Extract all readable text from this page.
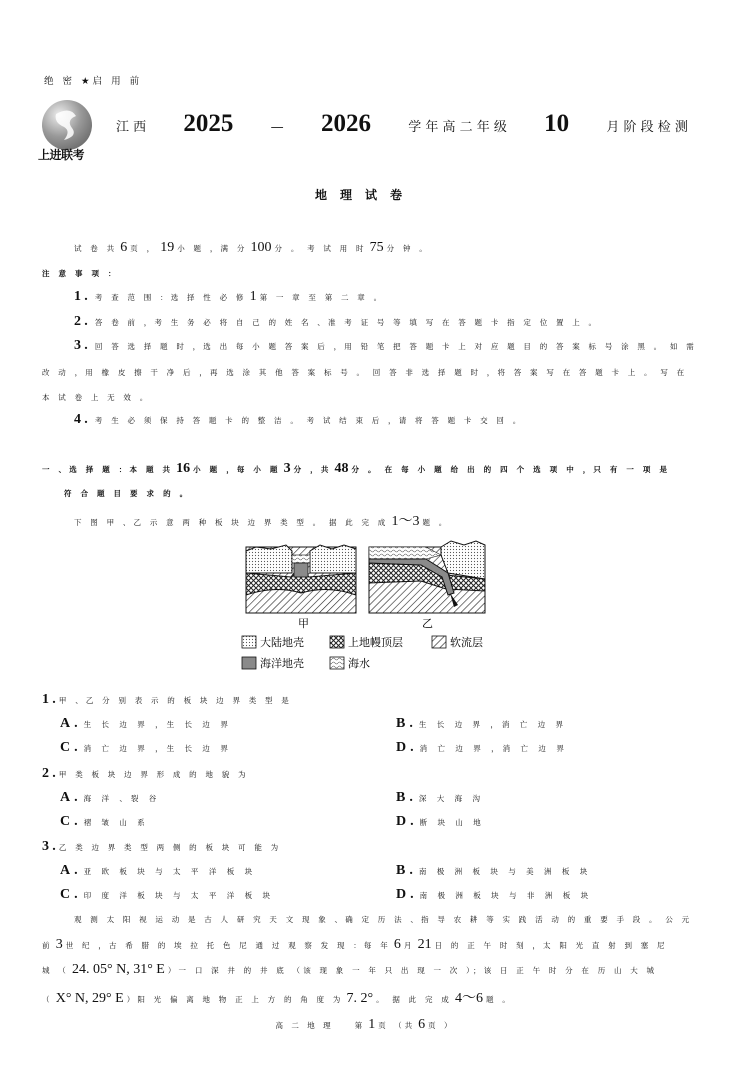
绝 密 ★启 用 前
上进联考
江 西 2025	— 2026	学 年 高 二 年 级 10	月 阶 段 检 测
地理试卷
试 卷 共 6 页 ， 19 小 题 ，满 分 100 分 。 考 试 用 时 75 分 钟 。
注 意 事 项 ：
1. 考 查 范 围 ：选 择 性 必 修 1 第 一 章 至 第 二 章 。
2. 答 卷 前 ，考 生 务 必 将 自 己 的 姓 名 、准 考 证 号 等 填 写 在 答 题 卡 指 定 位 置 上 。
3. 回 答 选 择 题 时 ，选 出 每 小 题 答 案 后 ，用 铅 笔 把 答 题 卡 上 对 应 题 目 的 答 案 标 号 涂 黑 。 如 需
改 动 ，用 橡 皮 擦 干 净 后 ，再 选 涂 其 他 答 案 标 号 。 回 答 非 选 择 题 时 ，将 答 案 写 在 答 题 卡 上 。 写 在
本 试 卷 上 无 效 。
4. 考 生 必 须 保 持 答 题 卡 的 整 洁 。 考 试 结 束 后 ，请 将 答 题 卡 交 回 。
一 、选 择 题 ：本 题 共 16 小 题 ，每 小 题 3 分 ，共 48 分 。 在 每 小 题 给 出 的 四 个 选 项 中 ，只 有 一 项 是
符 合 题 目 要 求 的 。
下 图 甲 、乙 示 意 两 种 板 块 边 界 类 型 。 据 此 完 成 1～3 题 。
甲	乙
大陆地壳	上地幔顶层	软流层
海洋地壳	海水
1.甲 、乙 分 别 表 示 的 板 块 边 界 类 型 是
A. 生 长 边 界 ，生 长 边 界	B. 生 长 边 界 ，消 亡 边 界
C. 消 亡 边 界 ，生 长 边 界	D. 消 亡 边 界 ，消 亡 边 界
2.甲 类 板 块 边 界 形 成 的 地 貌 为
A. 海 洋 、裂 谷	B. 深 大 海 沟
C. 褶 皱 山 系	D. 断 块 山 地
3.乙 类 边 界 类 型 两 侧 的 板 块 可 能 为
A. 亚 欧 板 块 与 太 平 洋 板 块	B. 南 极 洲 板 块 与 美 洲 板 块
C. 印 度 洋 板 块 与 太 平 洋 板 块	D. 南 极 洲 板 块 与 非 洲 板 块
观 测 太 阳 视 运 动 是 古 人 研 究 天 文 现 象 、确 定 历 法 、指 导 农 耕 等 实 践 活 动 的 重 要 手 段 。 公 元
前 3 世 纪 ，古 希 腊 的 埃 拉 托 色 尼 通 过 观 察 发 现 ：每 年 6 月 21 日 的 正 午 时 刻 ，太 阳 光 直 射 到 塞 尼
城 （ 24. 05° N, 31° E ）一 口 深 井 的 井 底 （该 现 象 一 年 只 出 现 一 次 ）；该 日 正 午 时 分 在 历 山 大 城
（ X° N, 29° E ）阳 光 偏 离 地 物 正 上 方 的 角 度 为 7. 2° 。 据 此 完 成 4～6 题 。
高 二 地 理　　第 1 页 （共 6 页 ）
